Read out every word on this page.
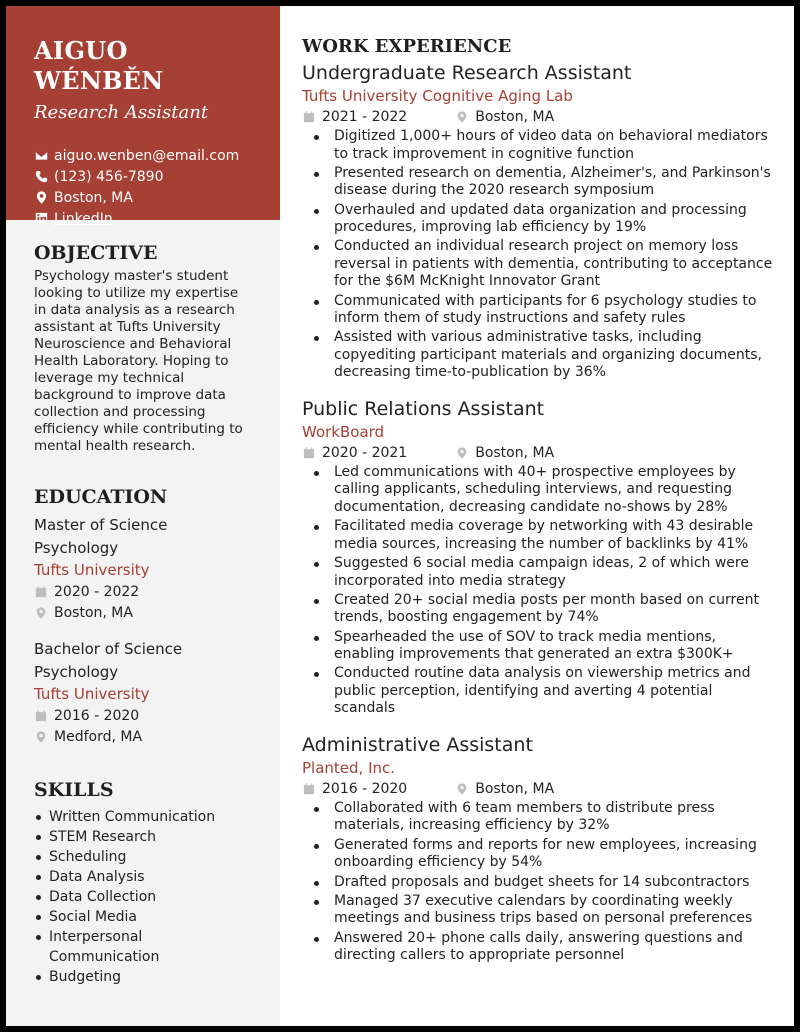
AIGUO WÉNBĚN
Research Assistant
aiguo.wenben@email.com
(123) 456-7890
Boston, MA
LinkedIn
OBJECTIVE
Psychology master's student looking to utilize my expertise in data analysis as a research assistant at Tufts University Neuroscience and Behavioral Health Laboratory. Hoping to leverage my technical background to improve data collection and processing efficiency while contributing to mental health research.
EDUCATION
Master of Science
Psychology
Tufts University
2020 - 2022
Boston, MA
Bachelor of Science
Psychology
Tufts University
2016 - 2020
Medford, MA
SKILLS
Written Communication
STEM Research
Scheduling
Data Analysis
Data Collection
Social Media
Interpersonal Communication
Budgeting
WORK EXPERIENCE
Undergraduate Research Assistant
Tufts University Cognitive Aging Lab
2021 - 2022	Boston, MA
Digitized 1,000+ hours of video data on behavioral mediators to track improvement in cognitive function
Presented research on dementia, Alzheimer's, and Parkinson's disease during the 2020 research symposium
Overhauled and updated data organization and processing procedures, improving lab efficiency by 19%
Conducted an individual research project on memory loss reversal in patients with dementia, contributing to acceptance for the $6M McKnight Innovator Grant
Communicated with participants for 6 psychology studies to inform them of study instructions and safety rules
Assisted with various administrative tasks, including copyediting participant materials and organizing documents, decreasing time-to-publication by 36%
Public Relations Assistant
WorkBoard
2020 - 2021	Boston, MA
Led communications with 40+ prospective employees by calling applicants, scheduling interviews, and requesting documentation, decreasing candidate no-shows by 28%
Facilitated media coverage by networking with 43 desirable media sources, increasing the number of backlinks by 41%
Suggested 6 social media campaign ideas, 2 of which were incorporated into media strategy
Created 20+ social media posts per month based on current trends, boosting engagement by 74%
Spearheaded the use of SOV to track media mentions, enabling improvements that generated an extra $300K+
Conducted routine data analysis on viewership metrics and public perception, identifying and averting 4 potential scandals
Administrative Assistant
Planted, Inc.
2016 - 2020	Boston, MA
Collaborated with 6 team members to distribute press materials, increasing efficiency by 32%
Generated forms and reports for new employees, increasing onboarding efficiency by 54%
Drafted proposals and budget sheets for 14 subcontractors
Managed 37 executive calendars by coordinating weekly meetings and business trips based on personal preferences
Answered 20+ phone calls daily, answering questions and directing callers to appropriate personnel
